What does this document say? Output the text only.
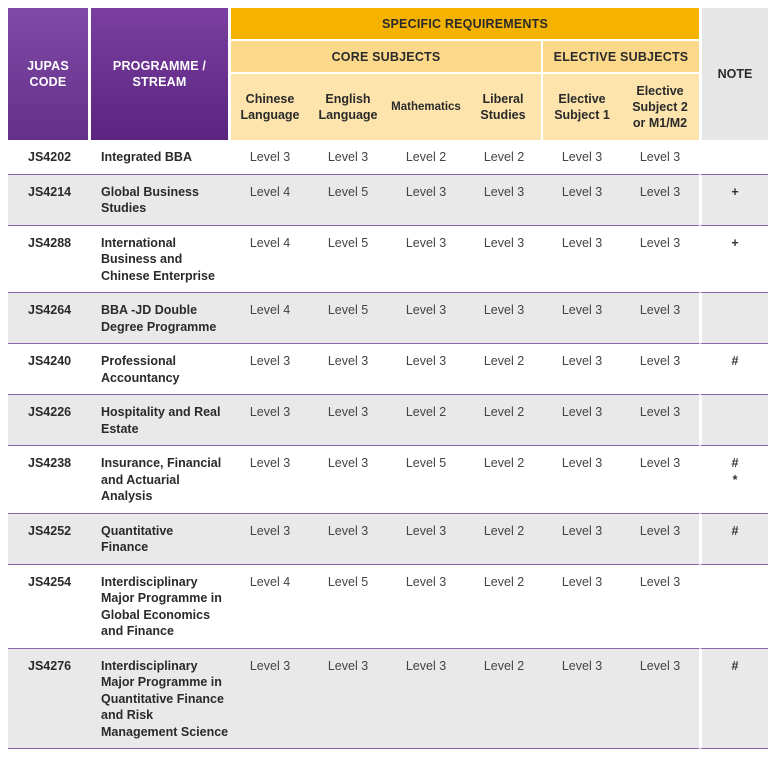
JUPAS CODE	PROGRAMME / STREAM	SPECIFIC REQUIREMENTS						NOTE
		CORE SUBJECTS				ELECTIVE SUBJECTS		

		Chinese Language	English Language	Mathematics	Liberal Studies	Elective Subject 1	Elective Subject 2 or M1/M2	

JS4202	Integrated BBA	Level 3	Level 3	Level 2	Level 2	Level 3	Level 3	

JS4214	Global Business Studies	Level 4	Level 5	Level 3	Level 3	Level 3	Level 3	+

JS4288	International Business and Chinese Enterprise	Level 4	Level 5	Level 3	Level 3	Level 3	Level 3	+

JS4264	BBA -JD Double Degree Programme	Level 4	Level 5	Level 3	Level 3	Level 3	Level 3	

JS4240	Professional Accountancy	Level 3	Level 3	Level 3	Level 2	Level 3	Level 3	#

JS4226	Hospitality and Real Estate	Level 3	Level 3	Level 2	Level 2	Level 3	Level 3	

JS4238	Insurance, Financial and Actuarial Analysis	Level 3	Level 3	Level 5	Level 2	Level 3	Level 3	#
*

JS4252	Quantitative Finance	Level 3	Level 3	Level 3	Level 2	Level 3	Level 3	#

JS4254	Interdisciplinary Major Programme in Global Economics and Finance	Level 4	Level 5	Level 3	Level 2	Level 3	Level 3	

JS4276	Interdisciplinary Major Programme in Quantitative Finance and Risk Management Science	Level 3	Level 3	Level 3	Level 2	Level 3	Level 3	#
